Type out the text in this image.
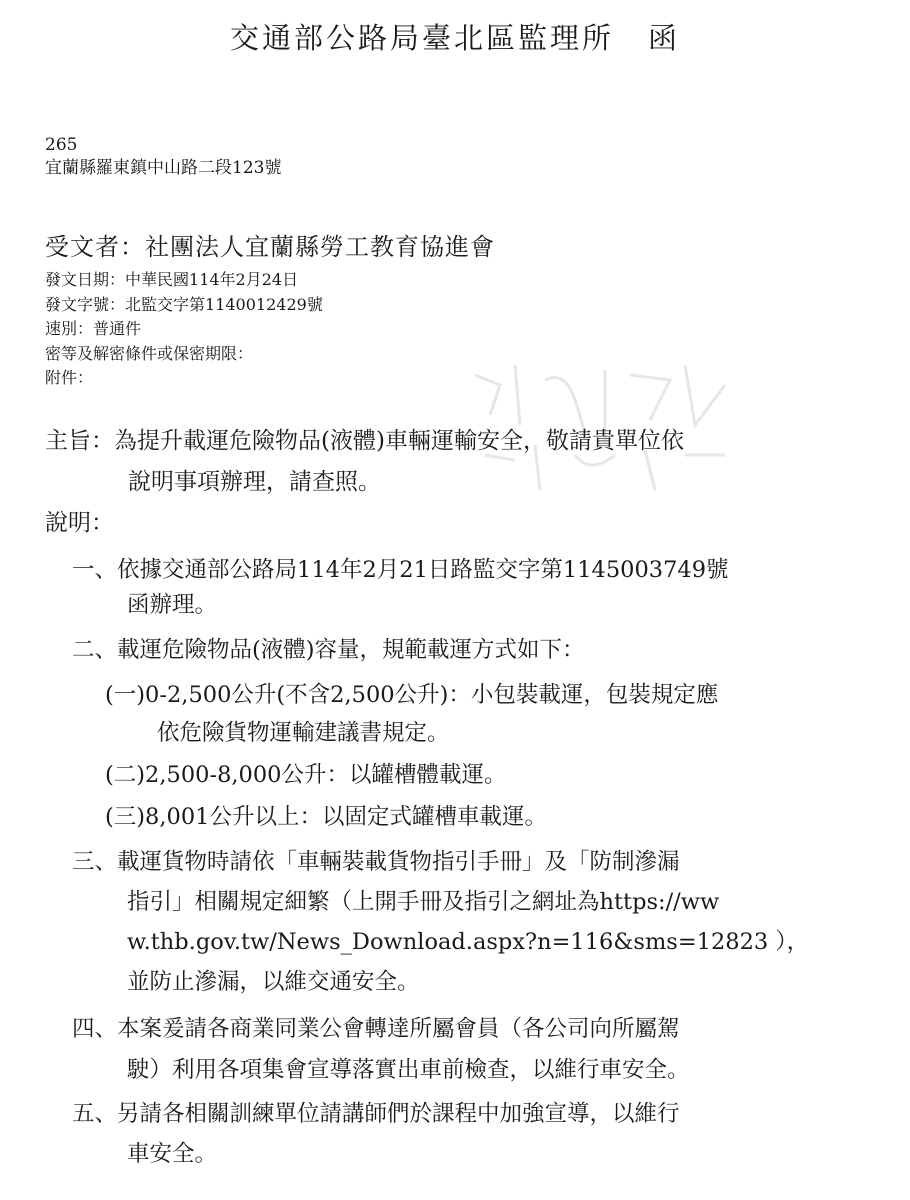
交通部公路局臺北區監理所 函
265
宜蘭縣羅東鎮中山路二段123號
受文者：社團法人宜蘭縣勞工教育協進會
發文日期：中華民國114年2月24日
發文字號：北監交字第1140012429號
速別：普通件
密等及解密條件或保密期限：
附件：
主旨：為提升載運危險物品(液體)車輛運輸安全，敬請貴單位依
說明事項辦理，請查照。
說明：
一、依據交通部公路局114年2月21日路監交字第1145003749號
函辦理。
二、載運危險物品(液體)容量，規範載運方式如下：
(一)0-2,500公升(不含2,500公升)：小包裝載運，包裝規定應
依危險貨物運輸建議書規定。
(二)2,500-8,000公升：以罐槽體載運。
(三)8,001公升以上：以固定式罐槽車載運。
三、載運貨物時請依「車輛裝載貨物指引手冊」及「防制滲漏
指引」相關規定細繁（上開手冊及指引之網址為https://ww
w.thb.gov.tw/News_Download.aspx?n=116&sms=12823 ），
並防止滲漏，以維交通安全。
四、本案爰請各商業同業公會轉達所屬會員（各公司向所屬駕
駛）利用各項集會宣導落實出車前檢查，以維行車安全。
五、另請各相關訓練單位請講師們於課程中加強宣導，以維行
車安全。
